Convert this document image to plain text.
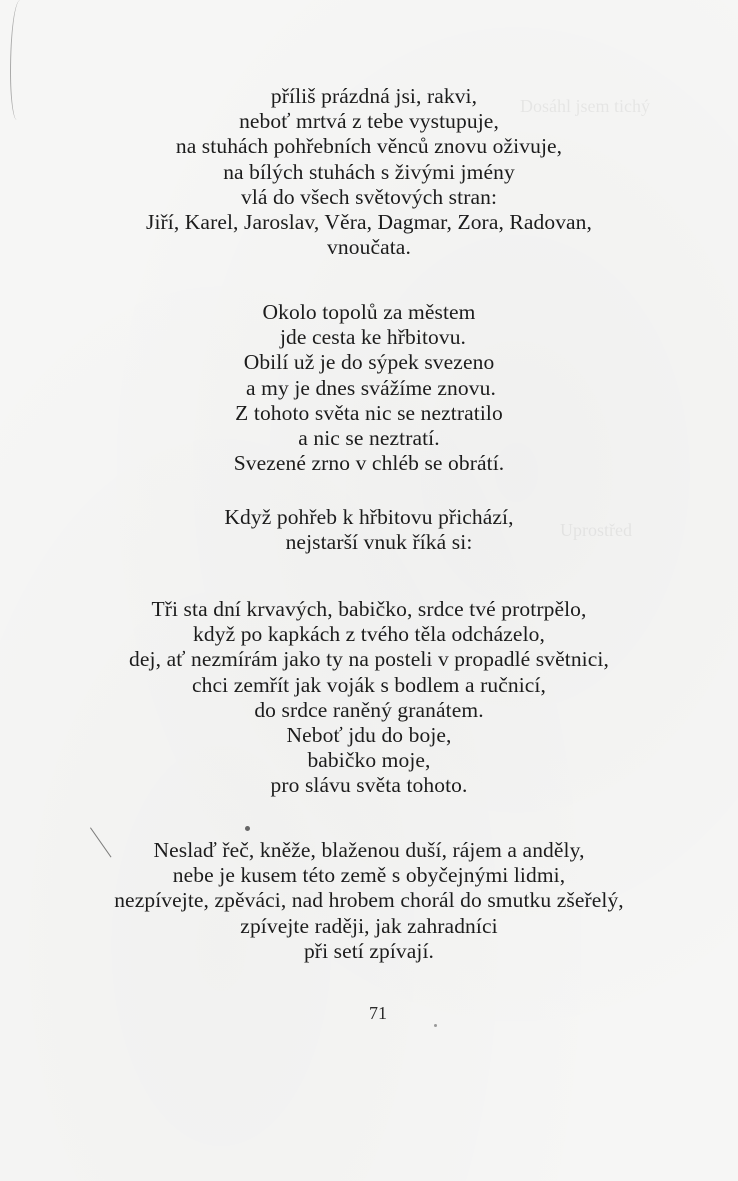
Dosáhl jsem tichý
Uprostřed
příliš prázdná jsi, rakvi,
neboť mrtvá z tebe vystupuje,
na stuhách pohřebních věnců znovu oživuje,
na bílých stuhách s živými jmény
vlá do všech světových stran:
Jiří, Karel, Jaroslav, Věra, Dagmar, Zora, Radovan,
vnoučata.
Okolo topolů za městem
jde cesta ke hřbitovu.
Obilí už je do sýpek svezeno
a my je dnes svážíme znovu.
Z tohoto světa nic se neztratilo
a nic se neztratí.
Svezené zrno v chléb se obrátí.
Když pohřeb k hřbitovu přichází,
nejstarší vnuk říká si:
Tři sta dní krvavých, babičko, srdce tvé protrpělo,
když po kapkách z tvého těla odcházelo,
dej, ať nezmírám jako ty na posteli v propadlé světnici,
chci zemřít jak voják s bodlem a ručnicí,
do srdce raněný granátem.
Neboť jdu do boje,
babičko moje,
pro slávu světa tohoto.
Neslaď řeč, kněže, blaženou duší, rájem a anděly,
nebe je kusem této země s obyčejnými lidmi,
nezpívejte, zpěváci, nad hrobem chorál do smutku zšeřelý,
zpívejte raději, jak zahradníci
při setí zpívají.
71
